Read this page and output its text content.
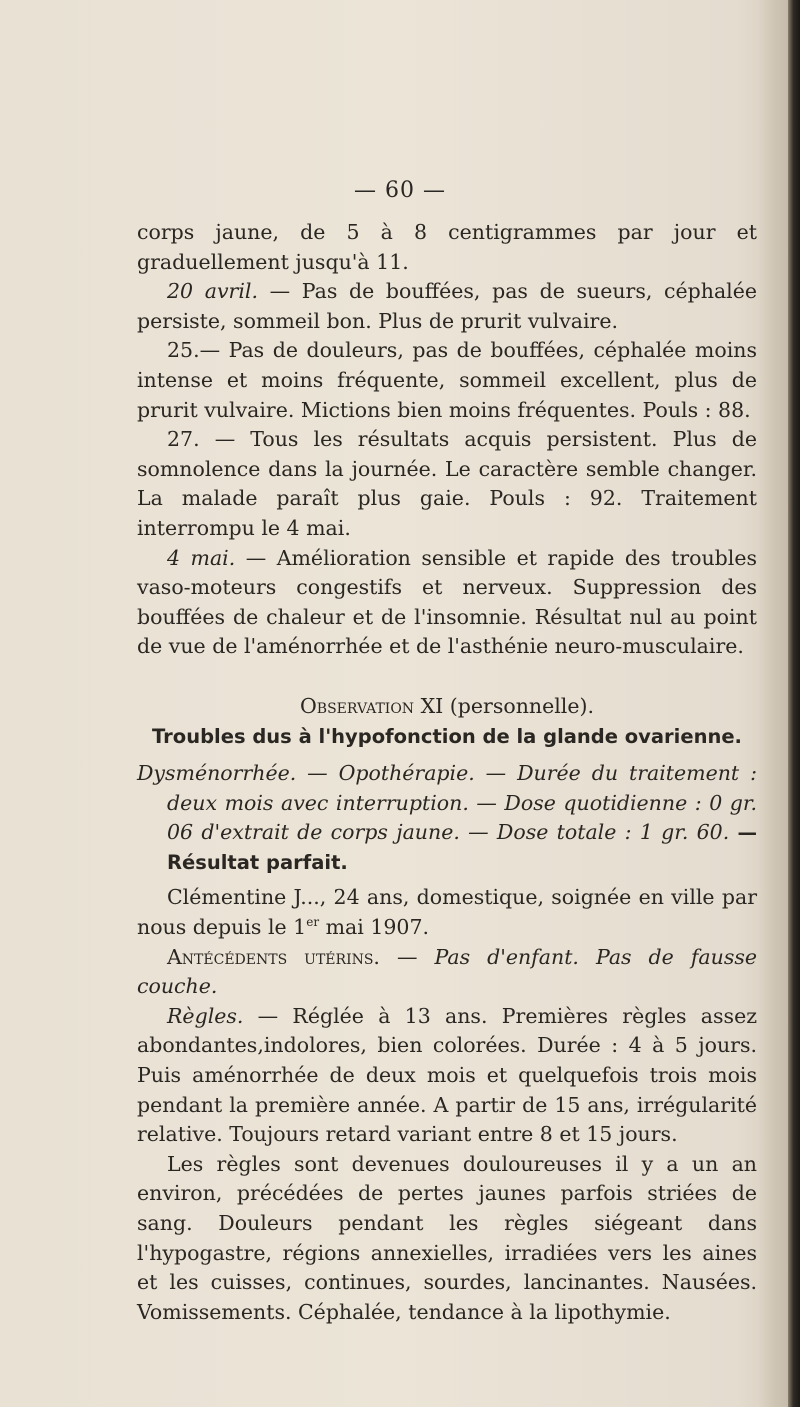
— 60 —

corps jaune, de 5 à 8 centigrammes par jour et graduellement jusqu'à 11.

20 avril. — Pas de bouffées, pas de sueurs, céphalée persiste, sommeil bon. Plus de prurit vulvaire.

25.— Pas de douleurs, pas de bouffées, céphalée moins intense et moins fréquente, sommeil excellent, plus de prurit vulvaire. Mictions bien moins fréquentes. Pouls : 88.

27. — Tous les résultats acquis persistent. Plus de somnolence dans la journée. Le caractère semble changer. La malade paraît plus gaie. Pouls : 92. Traitement interrompu le 4 mai.

4 mai. — Amélioration sensible et rapide des troubles vaso-moteurs congestifs et nerveux. Suppression des bouffées de chaleur et de l'insomnie. Résultat nul au point de vue de l'aménorrhée et de l'asthénie neuro-musculaire.

Observation XI (personnelle).

Troubles dus à l'hypofonction de la glande ovarienne.

Dysménorrhée. — Opothérapie. — Durée du traitement : deux mois avec interruption. — Dose quotidienne : 0 gr. 06 d'extrait de corps jaune. — Dose totale : 1 gr. 60. — Résultat parfait.

Clémentine J..., 24 ans, domestique, soignée en ville par nous depuis le 1er mai 1907.

Antécédents utérins. — Pas d'enfant. Pas de fausse couche.

Règles. — Réglée à 13 ans. Premières règles assez abondantes,indolores, bien colorées. Durée : 4 à 5 jours. Puis aménorrhée de deux mois et quelquefois trois mois pendant la première année. A partir de 15 ans, irrégularité relative. Toujours retard variant entre 8 et 15 jours.

Les règles sont devenues douloureuses il y a un an environ, précédées de pertes jaunes parfois striées de sang. Douleurs pendant les règles siégeant dans l'hypogastre, régions annexielles, irradiées vers les aines et les cuisses, continues, sourdes, lancinantes. Nausées. Vomissements. Céphalée, tendance à la lipothymie.
